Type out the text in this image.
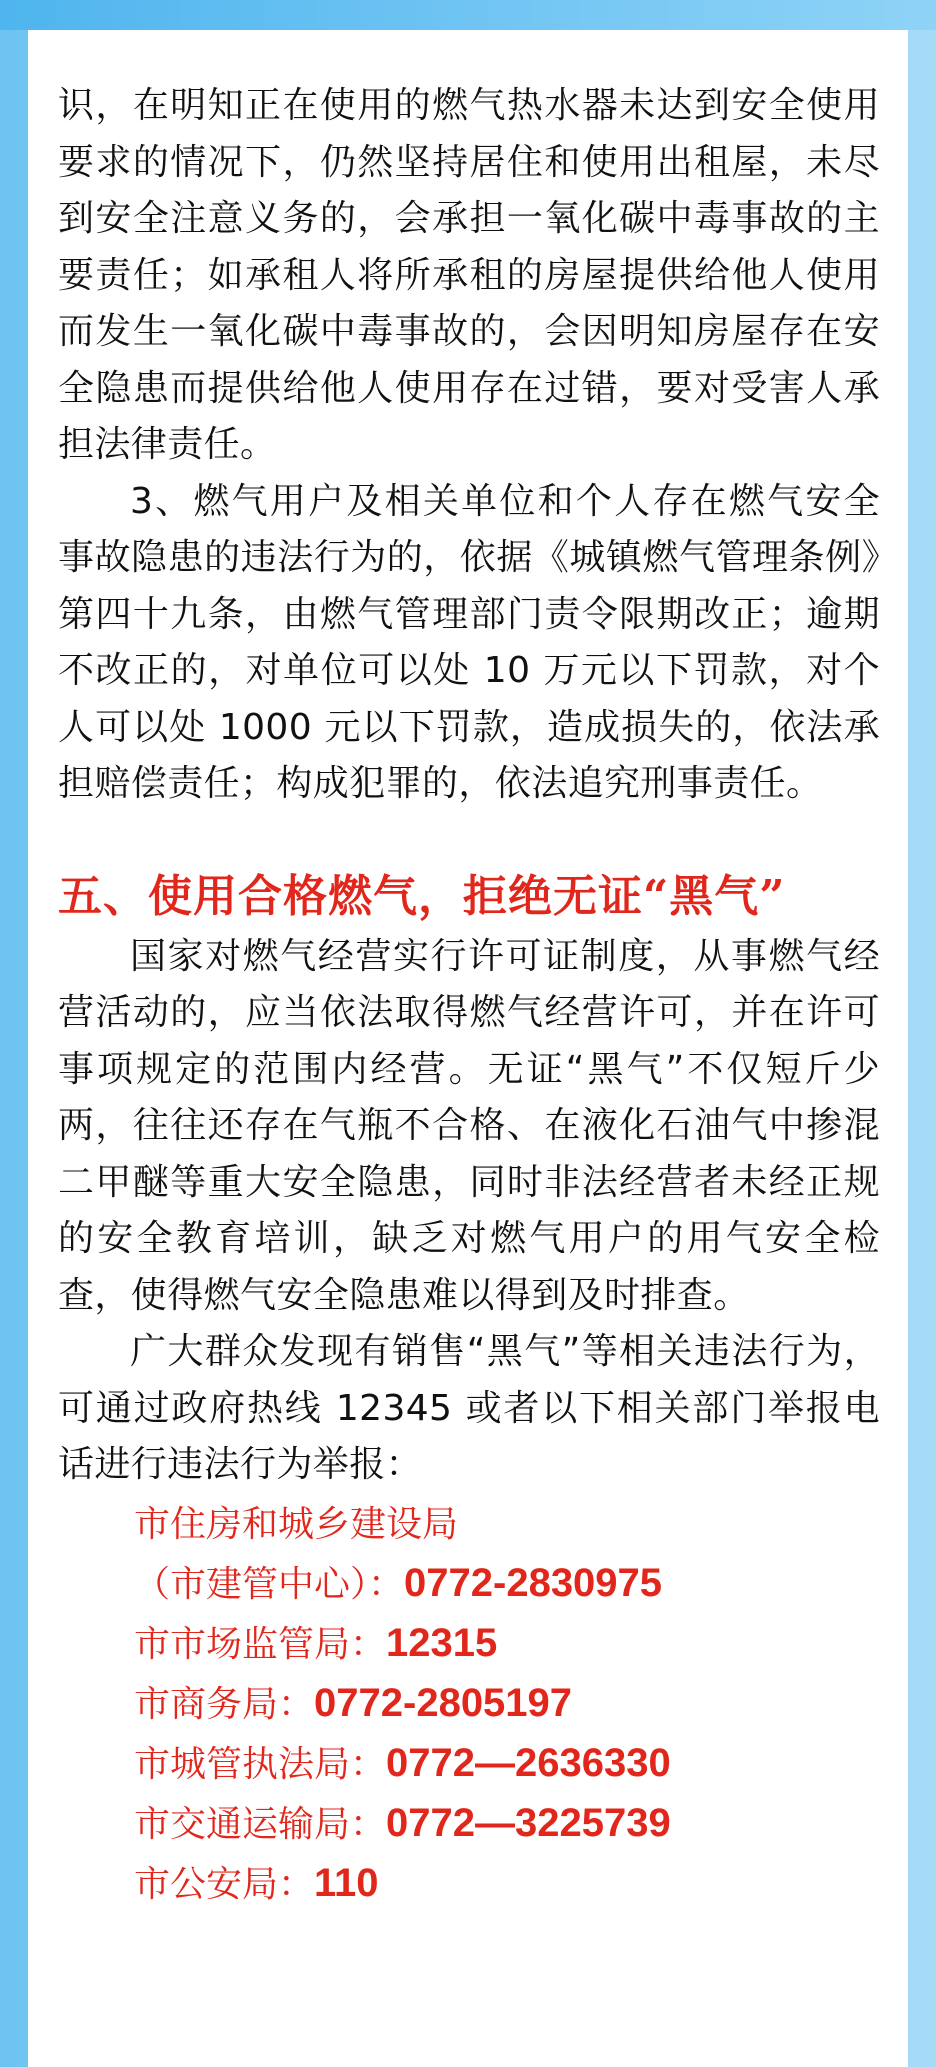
识，在明知正在使用的燃气热水器未达到安全使用要求的情况下，仍然坚持居住和使用出租屋，未尽到安全注意义务的，会承担一氧化碳中毒事故的主要责任；如承租人将所承租的房屋提供给他人使用而发生一氧化碳中毒事故的，会因明知房屋存在安全隐患而提供给他人使用存在过错，要对受害人承担法律责任。

3、燃气用户及相关单位和个人存在燃气安全事故隐患的违法行为的，依据《城镇燃气管理条例》第四十九条，由燃气管理部门责令限期改正；逾期不改正的，对单位可以处 10 万元以下罚款，对个人可以处 1000 元以下罚款，造成损失的，依法承担赔偿责任；构成犯罪的，依法追究刑事责任。

五、使用合格燃气，拒绝无证“黑气”

国家对燃气经营实行许可证制度，从事燃气经营活动的，应当依法取得燃气经营许可，并在许可事项规定的范围内经营。无证“黑气”不仅短斤少两，往往还存在气瓶不合格、在液化石油气中掺混二甲醚等重大安全隐患，同时非法经营者未经正规的安全教育培训，缺乏对燃气用户的用气安全检查，使得燃气安全隐患难以得到及时排查。

广大群众发现有销售“黑气”等相关违法行为，可通过政府热线 12345 或者以下相关部门举报电话进行违法行为举报：

市住房和城乡建设局
（市建管中心）：0772-2830975
市市场监管局：12315
市商务局：0772-2805197
市城管执法局：0772—2636330
市交通运输局：0772—3225739
市公安局：110
